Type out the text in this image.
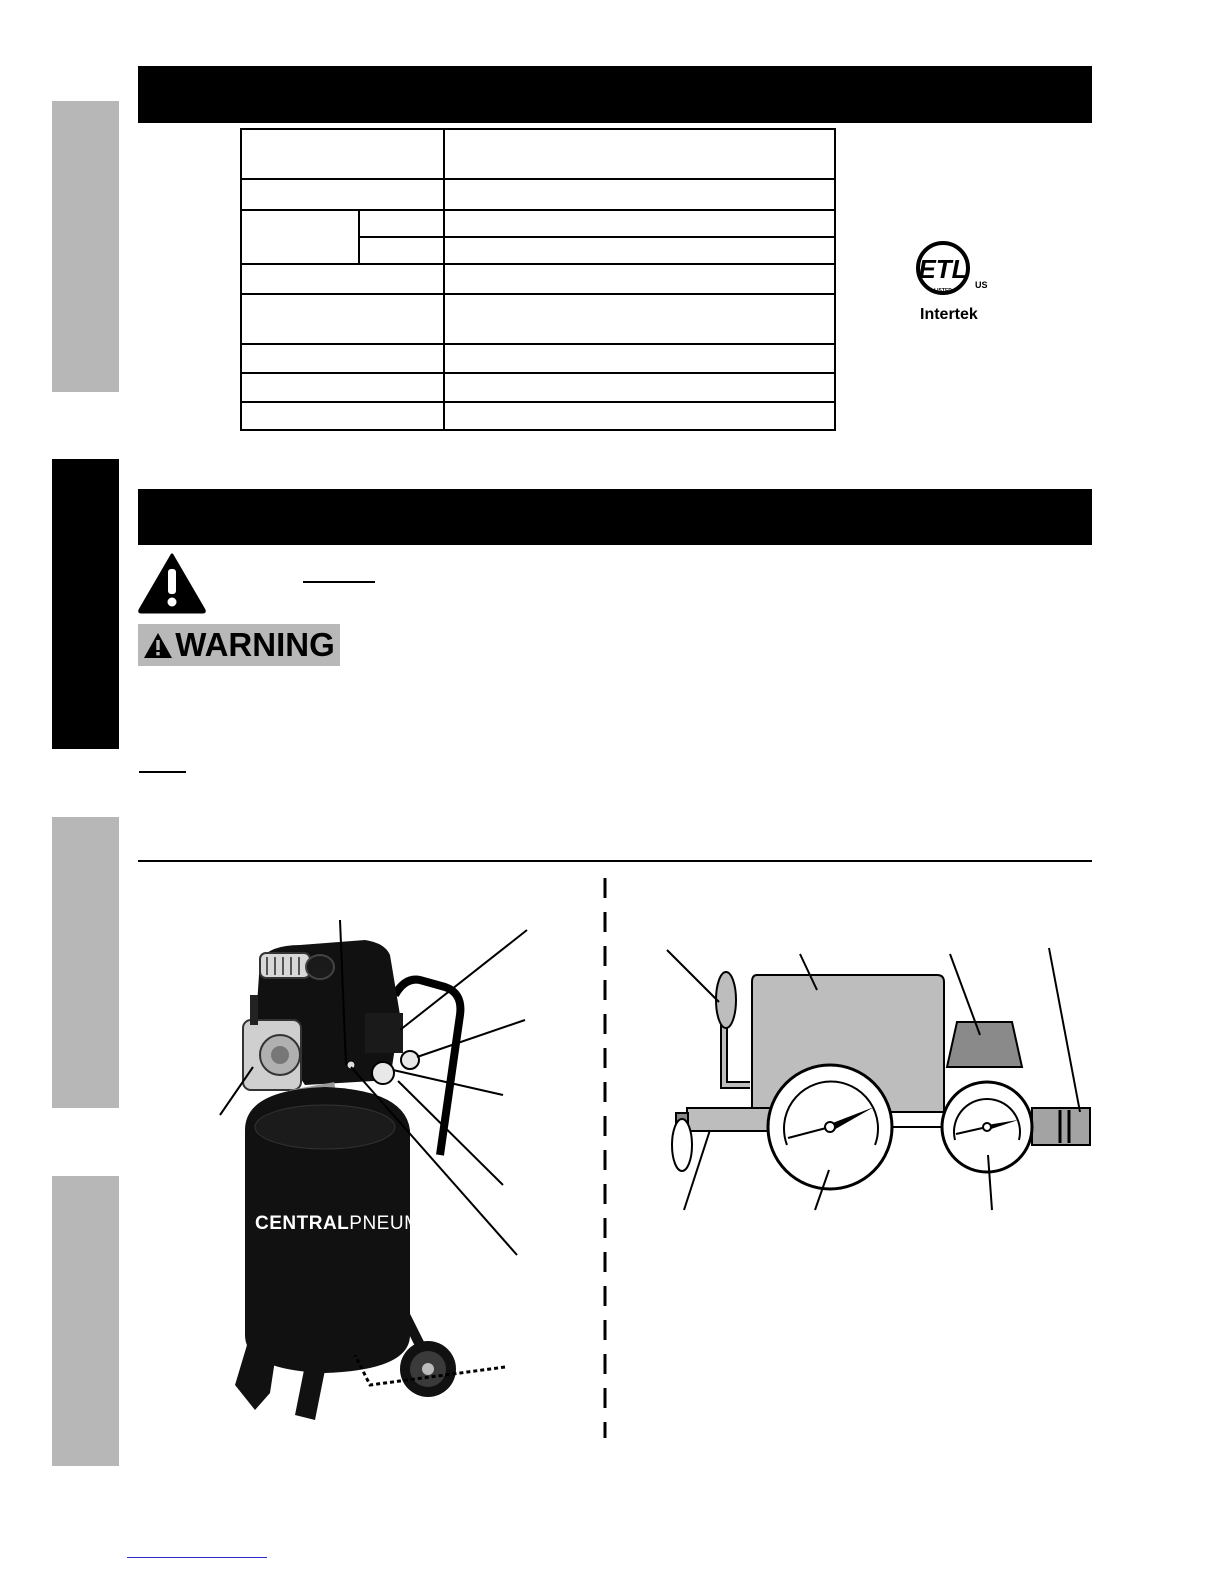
ETL
LISTED
US
Intertek
WARNING
CENTRALPNEUMATIC
